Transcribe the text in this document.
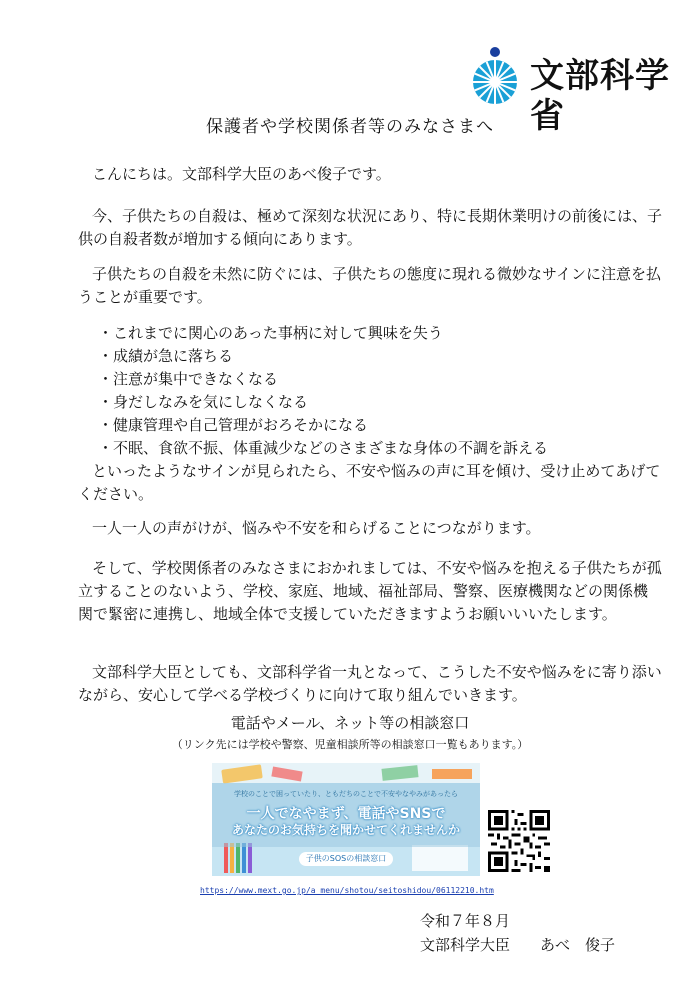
文部科学省
保護者や学校関係者等のみなさまへ

こんにちは。文部科学大臣のあべ俊子です。

今、子供たちの自殺は、極めて深刻な状況にあり、特に長期休業明けの前後には、子供の自殺者数が増加する傾向にあります。

子供たちの自殺を未然に防ぐには、子供たちの態度に現れる微妙なサインに注意を払うことが重要です。

・これまでに関心のあった事柄に対して興味を失う
・成績が急に落ちる
・注意が集中できなくなる
・身だしなみを気にしなくなる
・健康管理や自己管理がおろそかになる
・不眠、食欲不振、体重減少などのさまざまな身体の不調を訴える

といったようなサインが見られたら、不安や悩みの声に耳を傾け、受け止めてあげてください。

一人一人の声がけが、悩みや不安を和らげることにつながります。

そして、学校関係者のみなさまにおかれましては、不安や悩みを抱える子供たちが孤立することのないよう、学校、家庭、地域、福祉部局、警察、医療機関などの関係機関で緊密に連携し、地域全体で支援していただきますようお願いいいたします。

文部科学大臣としても、文部科学省一丸となって、こうした不安や悩みをに寄り添いながら、安心して学べる学校づくりに向けて取り組んでいきます。

電話やメール、ネット等の相談窓口
（リンク先には学校や警察、児童相談所等の相談窓口一覧もあります。）
学校のことで困っていたり、ともだちのことで不安やなやみがあったら
一人でなやまず、電話やSNSで
あなたのお気持ちを聞かせてくれませんか
子供のSOSの相談窓口
https://www.mext.go.jp/a_menu/shotou/seitoshidou/06112210.htm
令和７年８月
文部科学大臣　　あべ　俊子
